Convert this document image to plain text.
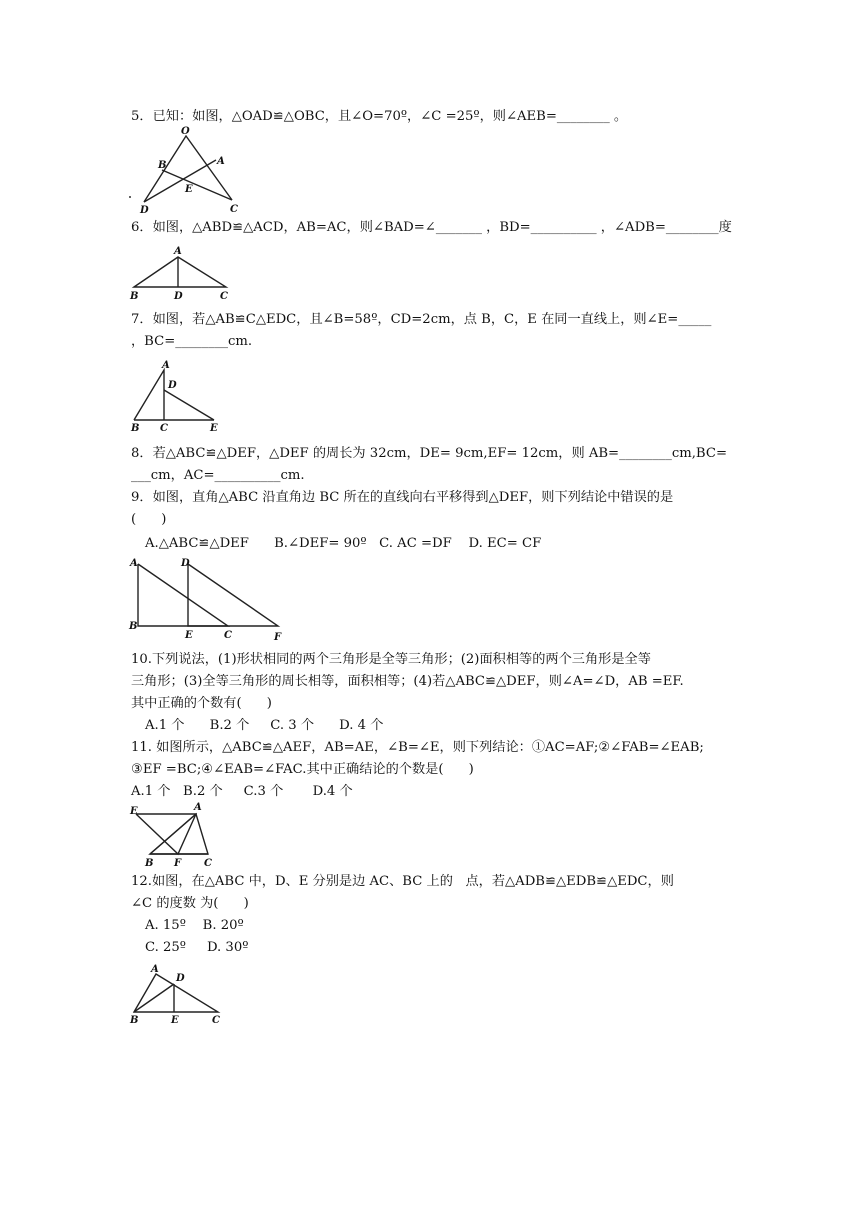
5．已知：如图，△OAD≌△OBC，且∠O=70º，∠C =25º，则∠AEB=________ 。
O
B	A
E
D	C
6．如图，△ABD≌△ACD，AB=AC，则∠BAD=∠_______ ，BD=__________ ，∠ADB=________度
A
B	D	C
7．如图，若△AB≌C△EDC，且∠B=58º，CD=2cm，点 B，C，E 在同一直线上，则∠E=_____
，BC=________cm.
A
D
B C	E
8．若△ABC≌△DEF，△DEF 的周长为 32cm，DE= 9cm,EF= 12cm，则 AB=________cm,BC=
___cm，AC=__________cm.
9．如图，直角△ABC 沿直角边 BC 所在的直线向右平移得到△DEF，则下列结论中错误的是
(      )
A.△ABC≌△DEF      B.∠DEF= 90º   C. AC =DF    D. EC= CF
A	D
B
E	C	F
10.下列说法，(1)形状相同的两个三角形是全等三角形；(2)面积相等的两个三角形是全等
三角形；(3)全等三角形的周长相等，面积相等；(4)若△ABC≌△DEF，则∠A=∠D，AB =EF.
其中正确的个数有(      )
A.1 个      B.2 个     C. 3 个      D. 4 个
11. 如图所示，△ABC≌△AEF，AB=AE，∠B=∠E，则下列结论：①AC=AF;②∠FAB=∠EAB;
③EF =BC;④∠EAB=∠FAC.其中正确结论的个数是(      )
A.1 个   B.2 个     C.3 个       D.4 个
E	A
B F C
12.如图，在△ABC 中，D、E 分别是边 AC、BC 上的   点，若△ADB≌△EDB≌△EDC，则
∠C 的度数 为(      )
A. 15º    B. 20º
C. 25º     D. 30º
A
D
B	E	C
